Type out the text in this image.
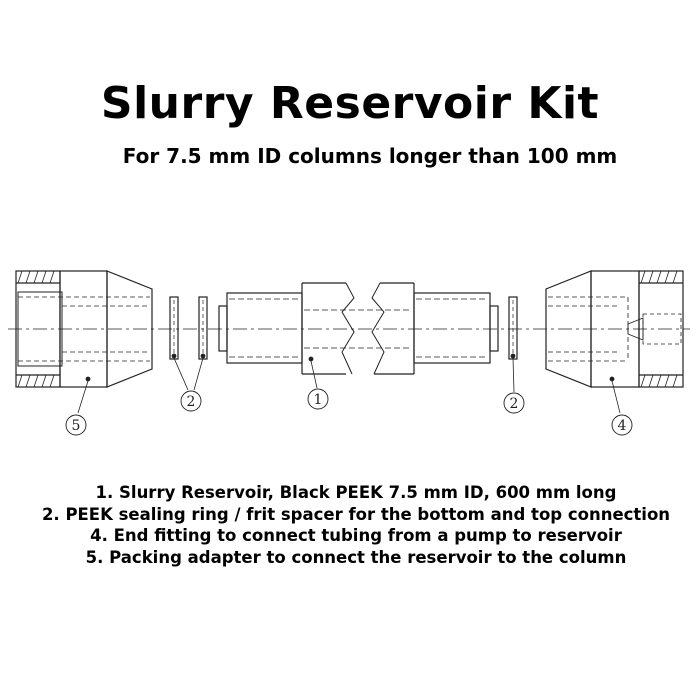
Slurry Reservoir Kit
For 7.5 mm ID columns longer than 100 mm
5
2	1	2
4
1. Slurry Reservoir, Black PEEK 7.5 mm ID, 600 mm long
2. PEEK sealing ring / frit spacer for the bottom and top connection
4. End fitting to connect tubing from a pump to reservoir
5. Packing adapter to connect the reservoir to the column
